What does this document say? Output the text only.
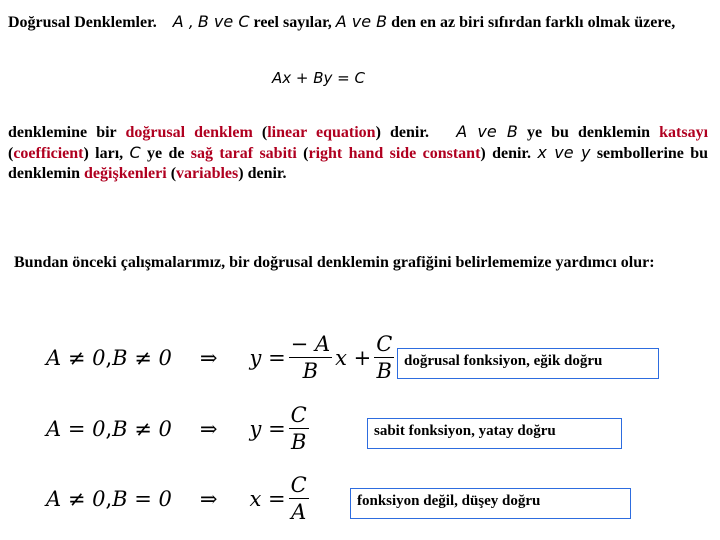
Doğrusal Denklemler. A , B ve C reel sayılar, A ve B den en az biri sıfırdan farklı olmak üzere,
Ax + By = C
denklemine bir doğrusal denklem (linear equation) denir. A ve B ye bu denklemin katsayı (coefficient) ları, C ye de sağ taraf sabiti (right hand side constant) denir. x ve y sembollerine bu denklemin değişkenleri (variables) denir.
Bundan önceki çalışmalarımız, bir doğrusal denklemin grafiğini belirlememize yardımcı olur:
A ≠ 0 , B ≠ 0 ⇒ $y = \frac{- A}{B}$ $x + \frac{C}{B}$ doğrusal fonksiyon, eğik doğru
A = 0 , B ≠ 0 ⇒ $y = \frac{C}{B}$	sabit fonksiyon, yatay doğru
A ≠ 0 , B = 0 ⇒ $x = \frac{C}{A}$	fonksiyon değil, düşey doğru
